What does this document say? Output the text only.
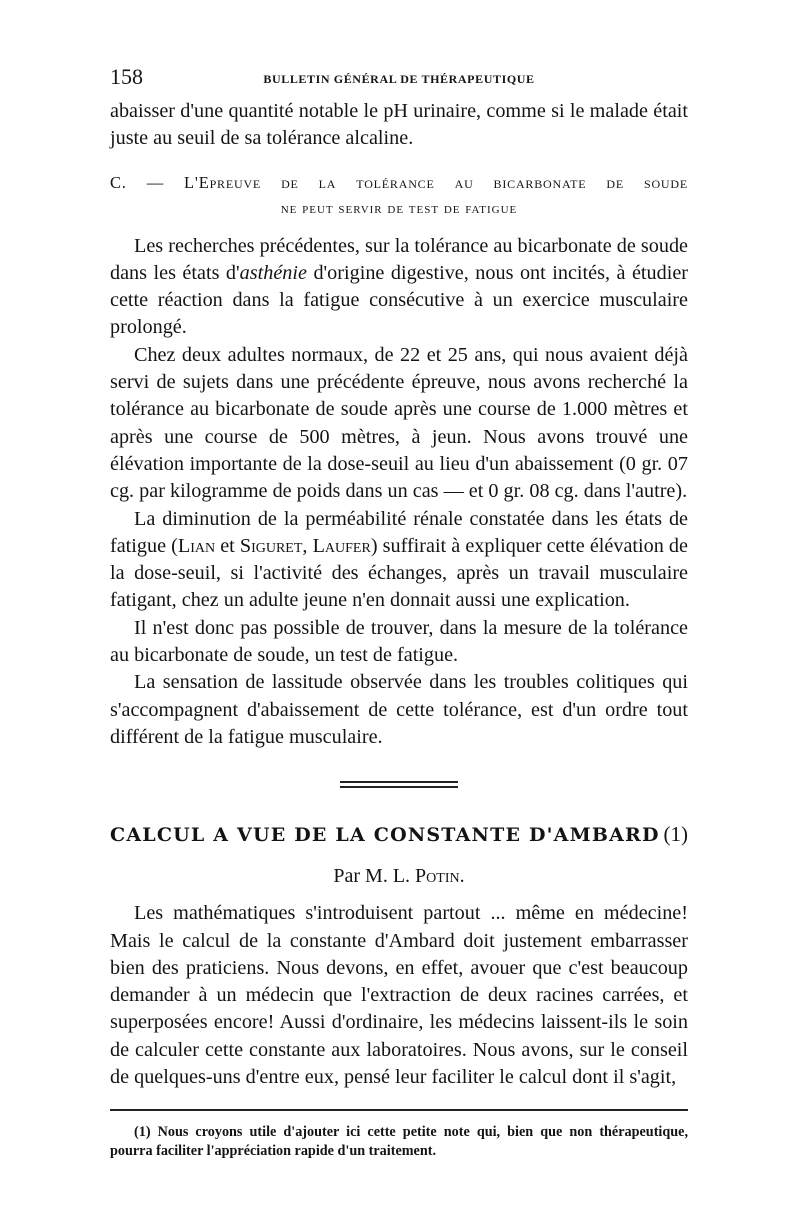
158	BULLETIN GÉNÉRAL DE THÉRAPEUTIQUE

abaisser d'une quantité notable le pH urinaire, comme si le malade était juste au seuil de sa tolérance alcaline.

C. — L'Epreuve de la tolérance au bicarbonate de soude
ne peut servir de test de fatigue

Les recherches précédentes, sur la tolérance au bicarbonate de soude dans les états d'asthénie d'origine digestive, nous ont incités, à étudier cette réaction dans la fatigue consécutive à un exercice musculaire prolongé.

Chez deux adultes normaux, de 22 et 25 ans, qui nous avaient déjà servi de sujets dans une précédente épreuve, nous avons recherché la tolérance au bicarbonate de soude après une course de 1.000 mètres et après une course de 500 mètres, à jeun. Nous avons trouvé une élévation importante de la dose-seuil au lieu d'un abaissement (0 gr. 07 cg. par kilogramme de poids dans un cas — et 0 gr. 08 cg. dans l'autre).

La diminution de la perméabilité rénale constatée dans les états de fatigue (Lian et Siguret, Laufer) suffirait à expliquer cette élévation de la dose-seuil, si l'activité des échanges, après un travail musculaire fatigant, chez un adulte jeune n'en donnait aussi une explication.

Il n'est donc pas possible de trouver, dans la mesure de la tolérance au bicarbonate de soude, un test de fatigue.

La sensation de lassitude observée dans les troubles colitiques qui s'accompagnent d'abaissement de cette tolérance, est d'un ordre tout différent de la fatigue musculaire.

CALCUL A VUE DE LA CONSTANTE D'AMBARD (1)
Par M. L. Potin.

Les mathématiques s'introduisent partout ... même en médecine! Mais le calcul de la constante d'Ambard doit justement embarrasser bien des praticiens. Nous devons, en effet, avouer que c'est beaucoup demander à un médecin que l'extraction de deux racines carrées, et superposées encore! Aussi d'ordinaire, les médecins laissent-ils le soin de calculer cette constante aux laboratoires. Nous avons, sur le conseil de quelques-uns d'entre eux, pensé leur faciliter le calcul dont il s'agit,

(1) Nous croyons utile d'ajouter ici cette petite note qui, bien que non thérapeutique, pourra faciliter l'appréciation rapide d'un traitement.
